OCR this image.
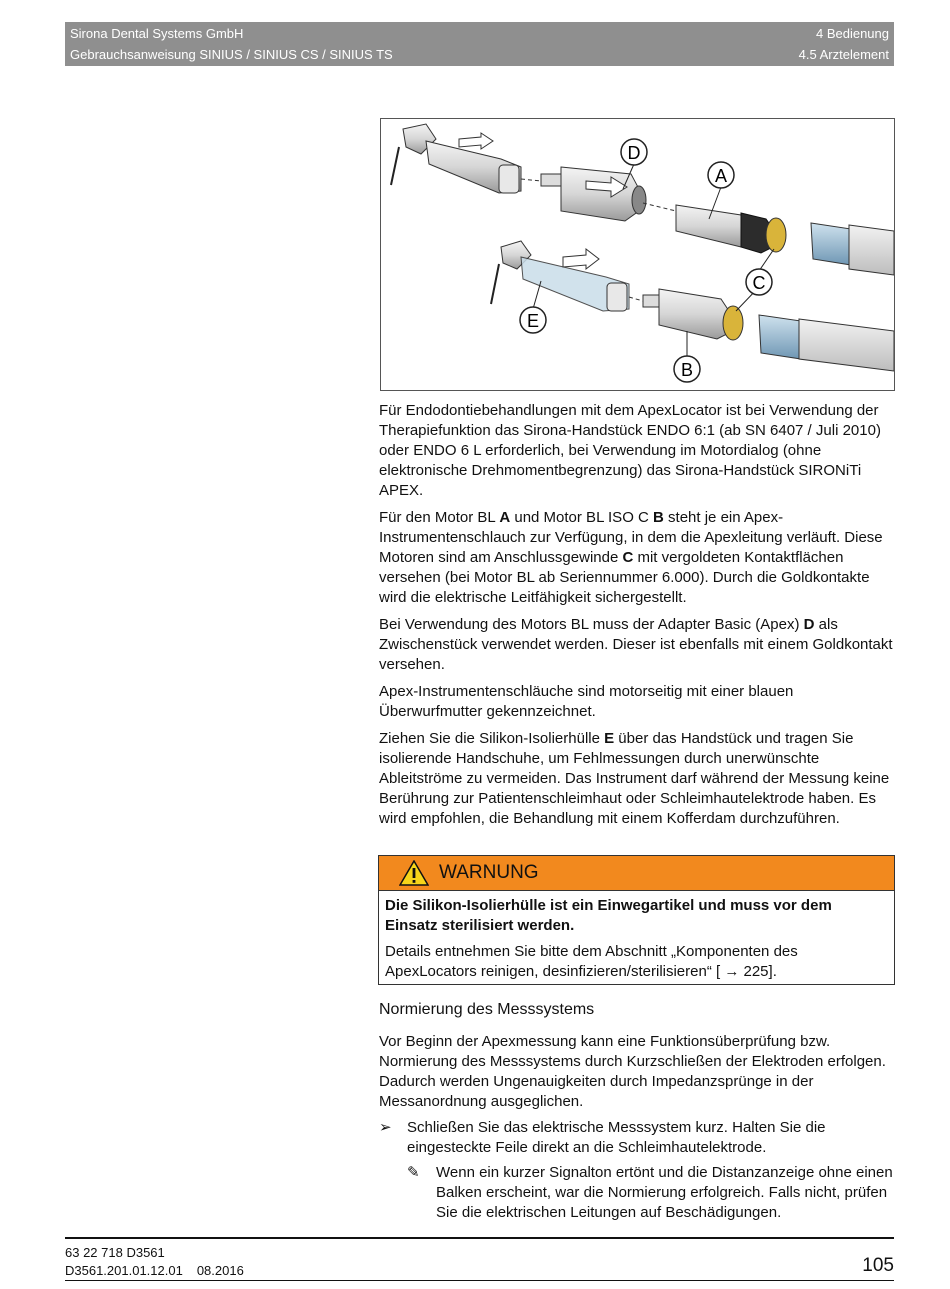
Sirona Dental Systems GmbH	4 Bedienung
Gebrauchsanweisung SINIUS / SINIUS CS / SINIUS TS	4.5 Arztelement
D
A
C
E
B

Für Endodontiebehandlungen mit dem ApexLocator ist bei Verwendung der Therapiefunktion das Sirona-Handstück ENDO 6:1 (ab SN 6407 / Juli 2010) oder ENDO 6 L erforderlich, bei Verwendung im Motordialog (ohne elektronische Drehmomentbegrenzung) das Sirona-Handstück SIRONiTi APEX.

Für den Motor BL A und Motor BL ISO C B steht je ein Apex-Instrumentenschlauch zur Verfügung, in dem die Apexleitung verläuft. Diese Motoren sind am Anschlussgewinde C mit vergoldeten Kontaktflächen versehen (bei Motor BL ab Seriennummer 6.000). Durch die Goldkontakte wird die elektrische Leitfähigkeit sichergestellt.

Bei Verwendung des Motors BL muss der Adapter Basic (Apex) D als Zwischenstück verwendet werden. Dieser ist ebenfalls mit einem Goldkontakt versehen.

Apex-Instrumentenschläuche sind motorseitig mit einer blauen Überwurfmutter gekennzeichnet.

Ziehen Sie die Silikon-Isolierhülle E über das Handstück und tragen Sie isolierende Handschuhe, um Fehlmessungen durch unerwünschte Ableitströme zu vermeiden. Das Instrument darf während der Messung keine Berührung zur Patientenschleimhaut oder Schleimhautelektrode haben. Es wird empfohlen, die Behandlung mit einem Kofferdam durchzuführen.

WARNUNG

Die Silikon-Isolierhülle ist ein Einwegartikel und muss vor dem Einsatz sterilisiert werden.

Details entnehmen Sie bitte dem Abschnitt „Komponenten des ApexLocators reinigen, desinfizieren/sterilisieren“ [ → 225].

Normierung des Messsystems

Vor Beginn der Apexmessung kann eine Funktionsüberprüfung bzw. Normierung des Messsystems durch Kurzschließen der Elektroden erfolgen. Dadurch werden Ungenauigkeiten durch Impedanzsprünge in der Messanordnung ausgeglichen.

➢ Schließen Sie das elektrische Messsystem kurz. Halten Sie die eingesteckte Feile direkt an die Schleimhautelektrode.
✎ Wenn ein kurzer Signalton ertönt und die Distanzanzeige ohne einen Balken erscheint, war die Normierung erfolgreich. Falls nicht, prüfen Sie die elektrischen Leitungen auf Beschädigungen.
63 22 718 D3561
D3561.201.01.12.01 08.2016	105
